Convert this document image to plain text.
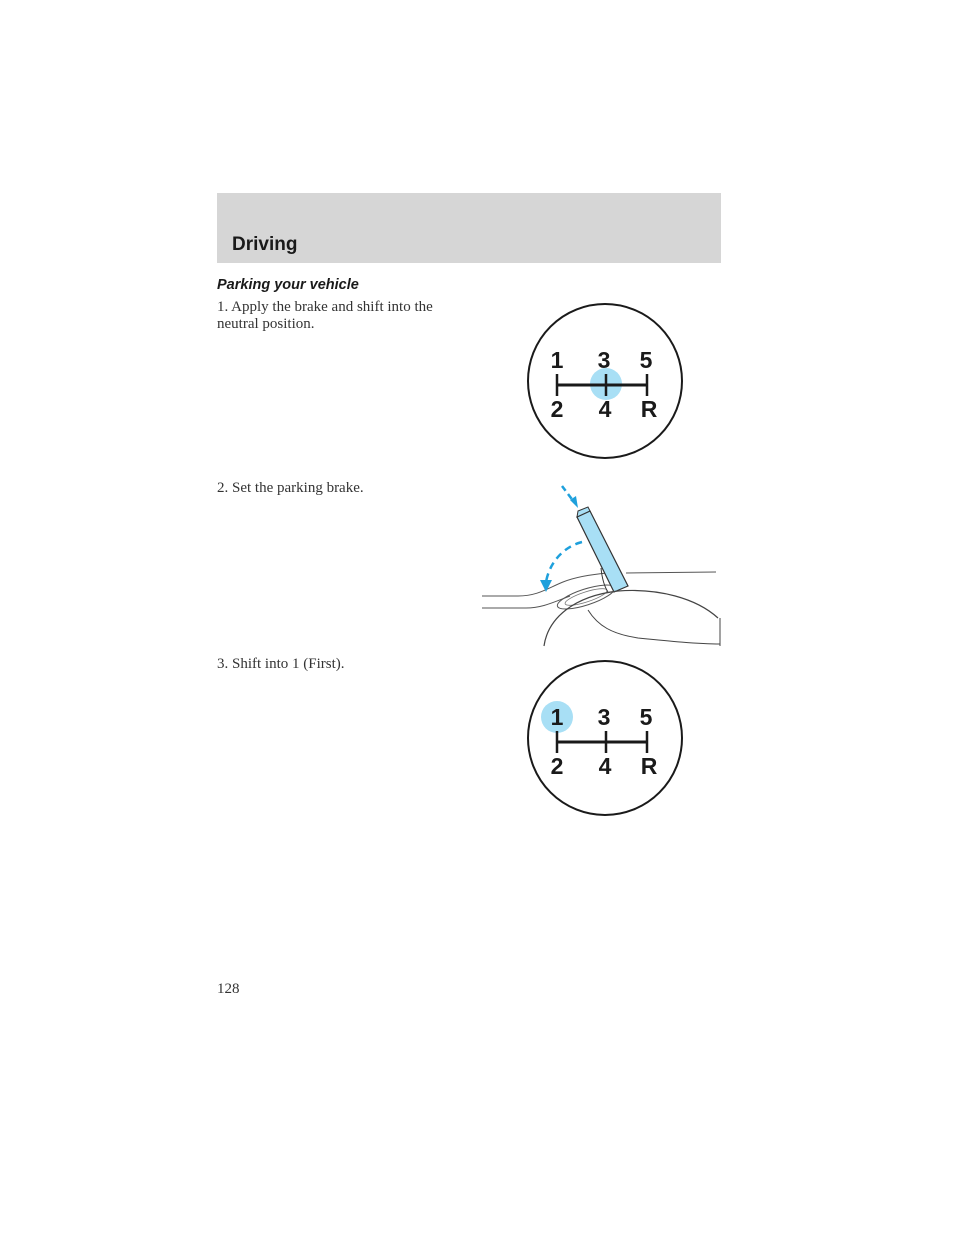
Driving
Parking your vehicle
1. Apply the brake and shift into the neutral position.
2. Set the parking brake.
3. Shift into 1 (First).
1 3 5
2 4 R
1 3 5
2 4 R
128
